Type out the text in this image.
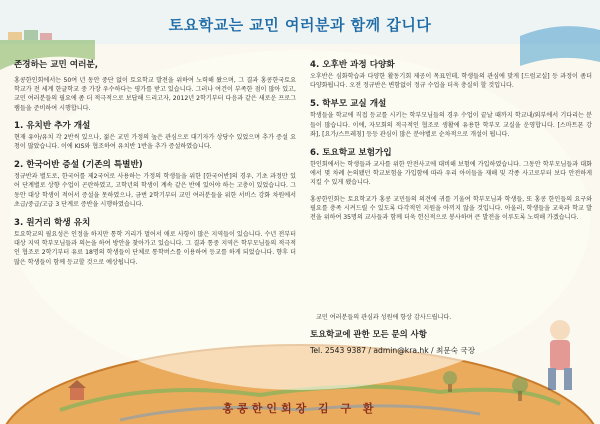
토요학교는 교민 여러분과 함께 갑니다
존경하는 교민 여러분,

홍콩한인회에서는 50여 년 동안 중단 없이 토요학교 발전을 위하여 노력해 왔으며, 그 결과 홍콩한국토요학교가 전 세계 한글학교 중 가장 우수하다는 평가를 받고 있습니다. 그러나 여건이 부족한 점이 많아 있고, 교민 여러분들의 필요에 좀 더 적극적으로 보답해 드리고자, 2012년 2학기부터 다음과 같은 새로운 프로그램들을 준비하여 시행합니다.

1. 유치반 추가 개설

현재 유아/유치 각 2반씩 있으나, 젊은 교민 가정의 높은 관심으로 대기자가 상당수 있었으며 추가 증설 요청이 많았습니다. 이에 KIS와 협조하여 유치반 1반을 추가 증설하였습니다.

2. 한국어반 증설 (기존의 특별반)

정규반과 별도로, 한국어를 제2국어로 사용하는 가정의 학생들을 위한 [한국어반]의 경우, 기초 과정만 있어 단계별로 상향 수업이 곤란하였고, 고학년의 학생이 계속 같은 반에 있어야 하는 고충이 있었습니다. 그동안 대상 학생이 적어서 증설을 못하였으나, 금번 2학기부터 교민 여러분들을 위한 서비스 강화 차원에서 초급/중급/고급 3 단계로 증반을 시행하였습니다.

3. 원거리 학생 유치

토요학교의 필요성은 인정을 하지만 통학 거리가 멀어서 애로 사항이 많은 지역들이 있습니다. 수년 전부터 대상 지역 학부모님들과 의논을 하여 방안을 찾아가고 있습니다. 그 결과 통중 지역은 학부모님들의 적극적인 협조로 2학기부터 유료 18명의 학생들이 단체로 통학버스를 이용하여 등교를 하게 되었습니다. 향후 더 많은 학생들이 함께 등교할 것으로 예상됩니다.

4. 오후반 과정 다양화

오후반은 심화학습과 다양한 활동기회 제공이 목표인데, 학생들의 관심에 맞게 [드럼교실] 등 과정이 좀더 다양화됩니다. 오전 정규반은 변함없이 정규 수업을 더욱 충실히 할 것입니다.

5. 학부모 교실 개설

학생들을 학교에 직접 등교를 시키는 학부모님들의 경우 수업이 끝날 때까지 학교내/외부에서 기다리는 분들이 많습니다. 이에, 자모회의 적극적인 협조로 생활에 유용한 학부모 교실을 운영합니다. [스마트폰 강좌], [요가/스트레칭] 등등 관심이 많은 분야별로 순차적으로 개설이 됩니다.

6. 토요학교 보험가입

한인회에서는 학생들과 교사를 위한 안전사고에 대비해 보험에 가입하였습니다. 그동안 학부모님들과 대화에서 몇 차례 논의됐던 학교보험을 가입함에 따라 우리 아이들을 재해 및 각종 사고로부터 보다 안전하게 지킬 수 있게 됐습니다.

홍콩한인회는 토요학교가 홍콩 교민들의 의견에 귀를 기울여 학부모님과 학생들, 또 홍콩 한인들의 요구와 필요를 충족 시켜드릴 수 있도록 다각적인 지원을 아끼지 않을 것입니다. 아울러, 학생들을 교육과 학교 발전을 위하여 35명의 교사들과 함께 더욱 헌신적으로 봉사하며 큰 발전을 이루도록 노력해 가겠습니다.

교민 여러분들의 관심과 성원에 항상 감사드립니다.
토요학교에 관한 모든 문의 사항
Tel. 2543 9387 / admin@kra.hk / 최문숙 국장
홍콩한인회장 김 구 환
